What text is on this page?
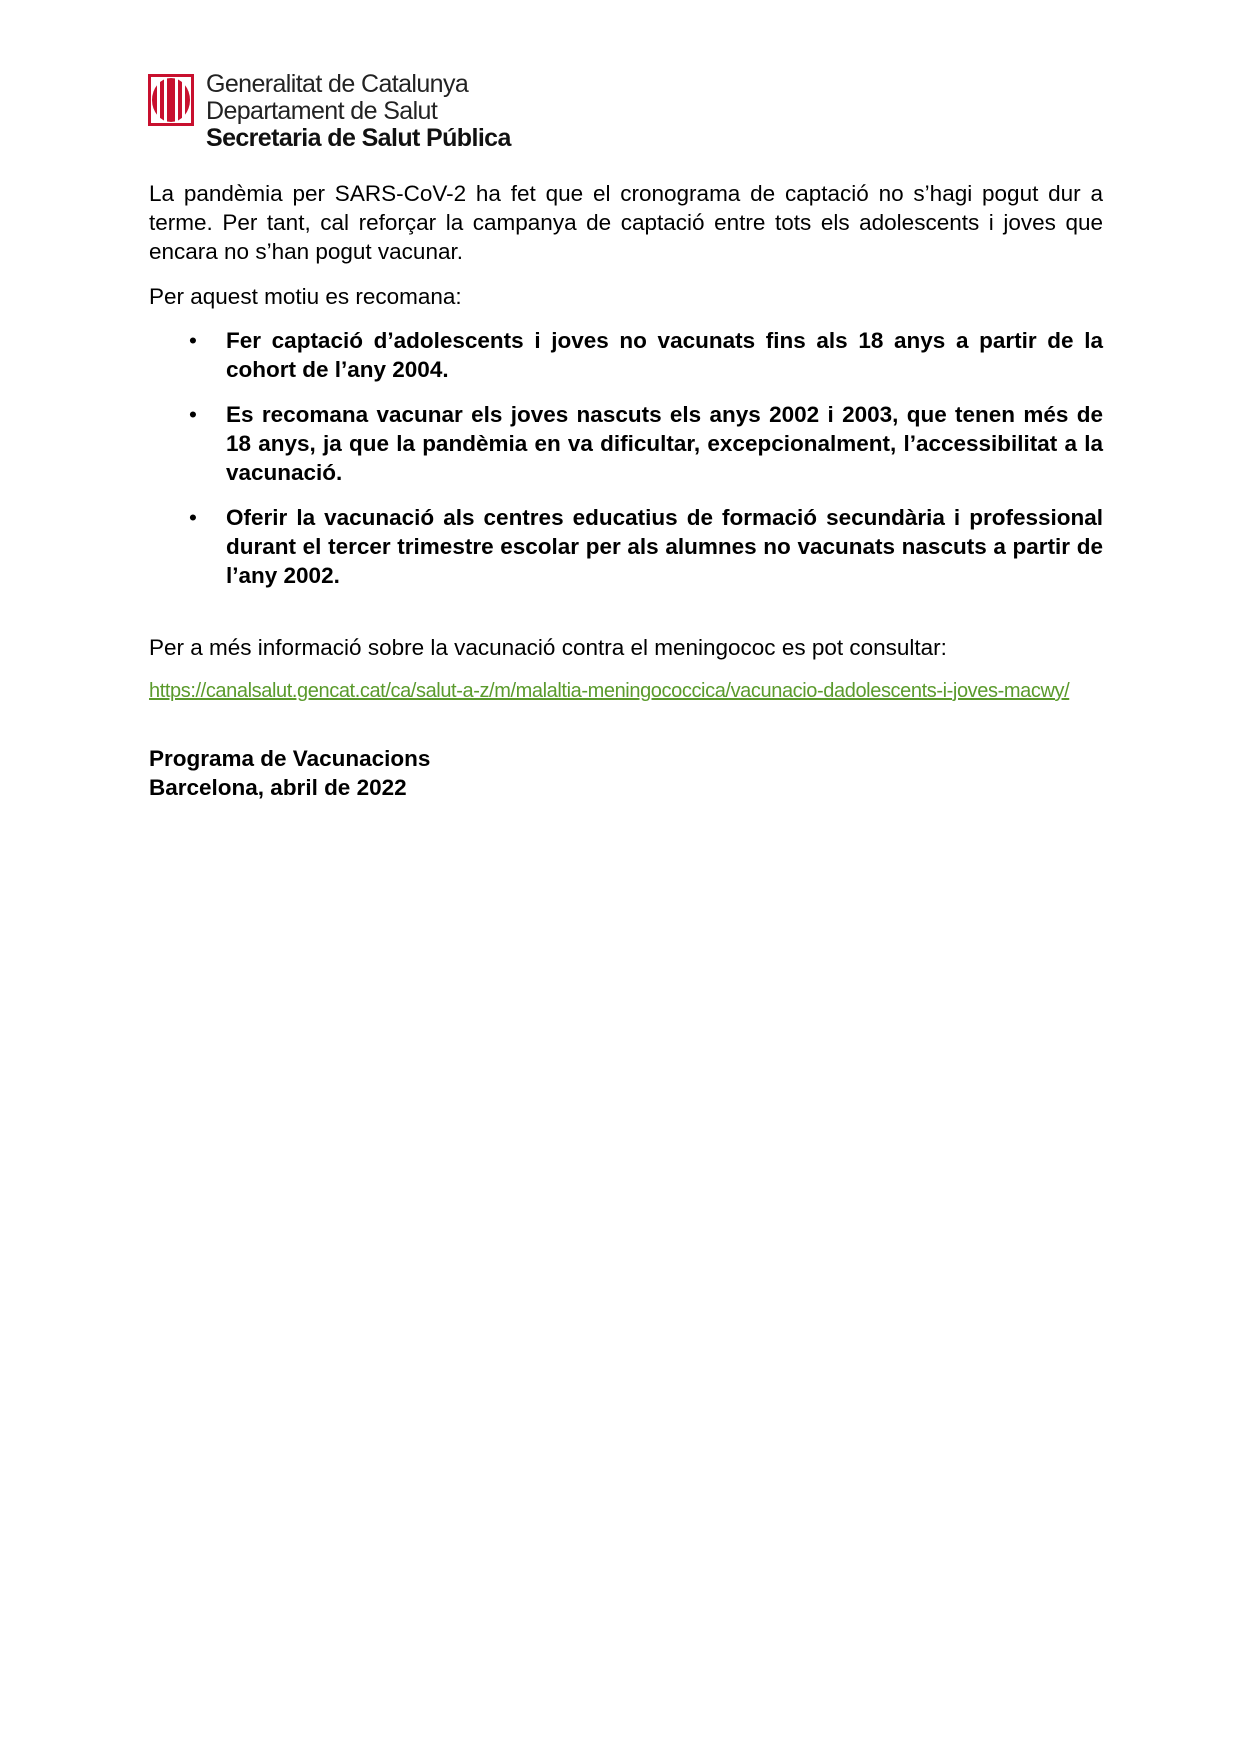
Generalitat de Catalunya
Departament de Salut
Secretaria de Salut Pública

La pandèmia per SARS-CoV-2 ha fet que el cronograma de captació no s’hagi pogut dur a terme. Per tant, cal reforçar la campanya de captació entre tots els adolescents i joves que encara no s’han pogut vacunar.

Per aquest motiu es recomana:

• Fer captació d’adolescents i joves no vacunats fins als 18 anys a partir de la cohort de l’any 2004.
• Es recomana vacunar els joves nascuts els anys 2002 i 2003, que tenen més de 18 anys, ja que la pandèmia en va dificultar, excepcionalment, l’accessibilitat a la vacunació.
• Oferir la vacunació als centres educatius de formació secundària i professional durant el tercer trimestre escolar per als alumnes no vacunats nascuts a partir de l’any 2002.

Per a més informació sobre la vacunació contra el meningococ es pot consultar:

https://canalsalut.gencat.cat/ca/salut-a-z/m/malaltia-meningococcica/vacunacio-dadolescents-i-joves-macwy/

Programa de Vacunacions
Barcelona, abril de 2022
